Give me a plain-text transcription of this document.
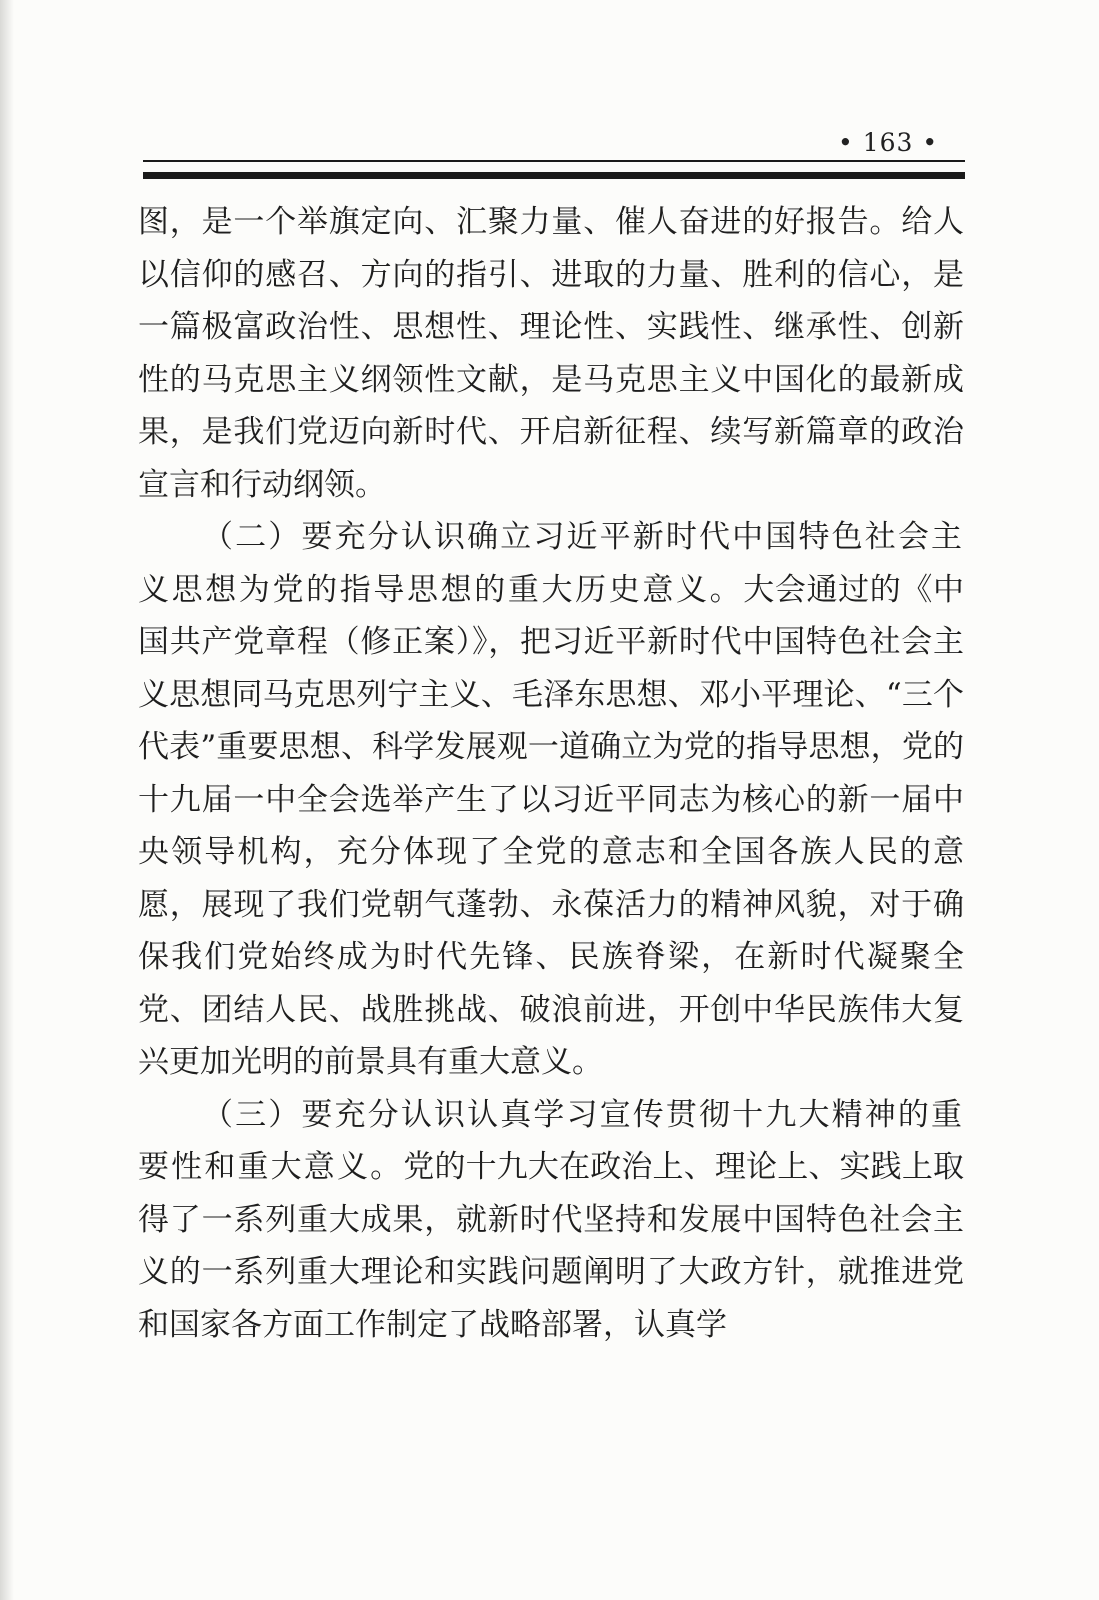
• 163 •

图，是一个举旗定向、汇聚力量、催人奋进的好报告。给人以信仰的感召、方向的指引、进取的力量、胜利的信心，是一篇极富政治性、思想性、理论性、实践性、继承性、创新性的马克思主义纲领性文献，是马克思主义中国化的最新成果，是我们党迈向新时代、开启新征程、续写新篇章的政治宣言和行动纲领。

（二）要充分认识确立习近平新时代中国特色社会主义思想为党的指导思想的重大历史意义。大会通过的《中国共产党章程（修正案）》，把习近平新时代中国特色社会主义思想同马克思列宁主义、毛泽东思想、邓小平理论、“三个代表”重要思想、科学发展观一道确立为党的指导思想，党的十九届一中全会选举产生了以习近平同志为核心的新一届中央领导机构，充分体现了全党的意志和全国各族人民的意愿，展现了我们党朝气蓬勃、永葆活力的精神风貌，对于确保我们党始终成为时代先锋、民族脊梁，在新时代凝聚全党、团结人民、战胜挑战、破浪前进，开创中华民族伟大复兴更加光明的前景具有重大意义。

（三）要充分认识认真学习宣传贯彻十九大精神的重要性和重大意义。党的十九大在政治上、理论上、实践上取得了一系列重大成果，就新时代坚持和发展中国特色社会主义的一系列重大理论和实践问题阐明了大政方针，就推进党和国家各方面工作制定了战略部署，认真学
